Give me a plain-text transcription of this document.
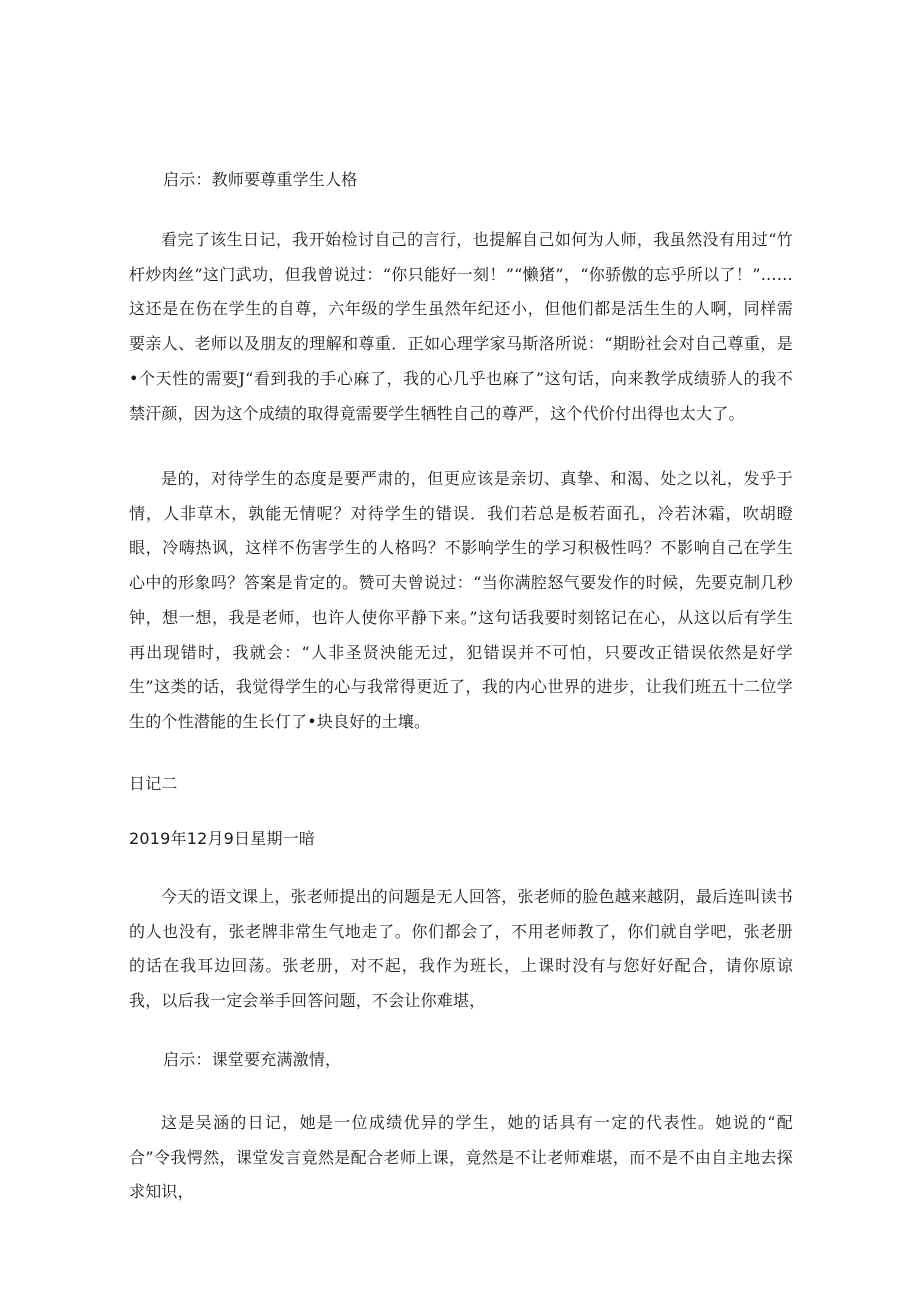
启示：教师要尊重学生人格
看完了该生日记，我开始检讨自己的言行，也提解自己如何为人师，我虽然没有用过“竹杆炒肉丝”这门武功，但我曾说过：“你只能好一刻！”“懒猪”，“你骄傲的忘乎所以了！”……这还是在伤在学生的自尊，六年级的学生虽然年纪还小，但他们都是活生生的人啊，同样需要亲人、老师以及朋友的理解和尊重．正如心理学家马斯洛所说：“期盼社会对自己尊重，是•个天性的需要J“看到我的手心麻了，我的心几乎也麻了”这句话，向来教学成绩骄人的我不禁汗颜，因为这个成绩的取得竟需要学生牺牲自己的尊严，这个代价付出得也太大了。
是的，对待学生的态度是要严肃的，但更应该是亲切、真挚、和渴、处之以礼，发乎于情，人非草木，孰能无情呢？对待学生的错误．我们若总是板若面孔，冷若沐霜，吹胡瞪眼，冷嗨热讽，这样不伤害学生的人格吗？不影响学生的学习积极性吗？不影响自己在学生心中的形象吗？答案是肯定的。赞可夫曾说过：“当你满腔怒气要发作的时候，先要克制几秒钟，想一想，我是老师，也许人使你平静下来。”这句话我要时刻铭记在心，从这以后有学生再出现错时，我就会：“人非圣贤泱能无过，犯错误并不可怕，只要改正错误依然是好学生”这类的话，我觉得学生的心与我常得更近了，我的内心世界的进步，让我们班五十二位学生的个性潜能的生长仃了•块良好的土壤。
日记二
2019年12月9日星期一暗
今天的语文课上，张老师提出的问题是无人回答，张老师的脸色越来越阴，最后连叫读书的人也没有，张老牌非常生气地走了。你们都会了，不用老师教了，你们就自学吧，张老册的话在我耳边回荡。张老册，对不起，我作为班长，上课时没有与您好好配合，请你原谅我，以后我一定会举手回答问题，不会让你难堪，
启示：课堂要充满激情，
这是吴涵的日记，她是一位成绩优异的学生，她的话具有一定的代表性。她说的“配合”令我愕然，课堂发言竟然是配合老师上课，竟然是不让老师难堪，而不是不由自主地去探求知识，
